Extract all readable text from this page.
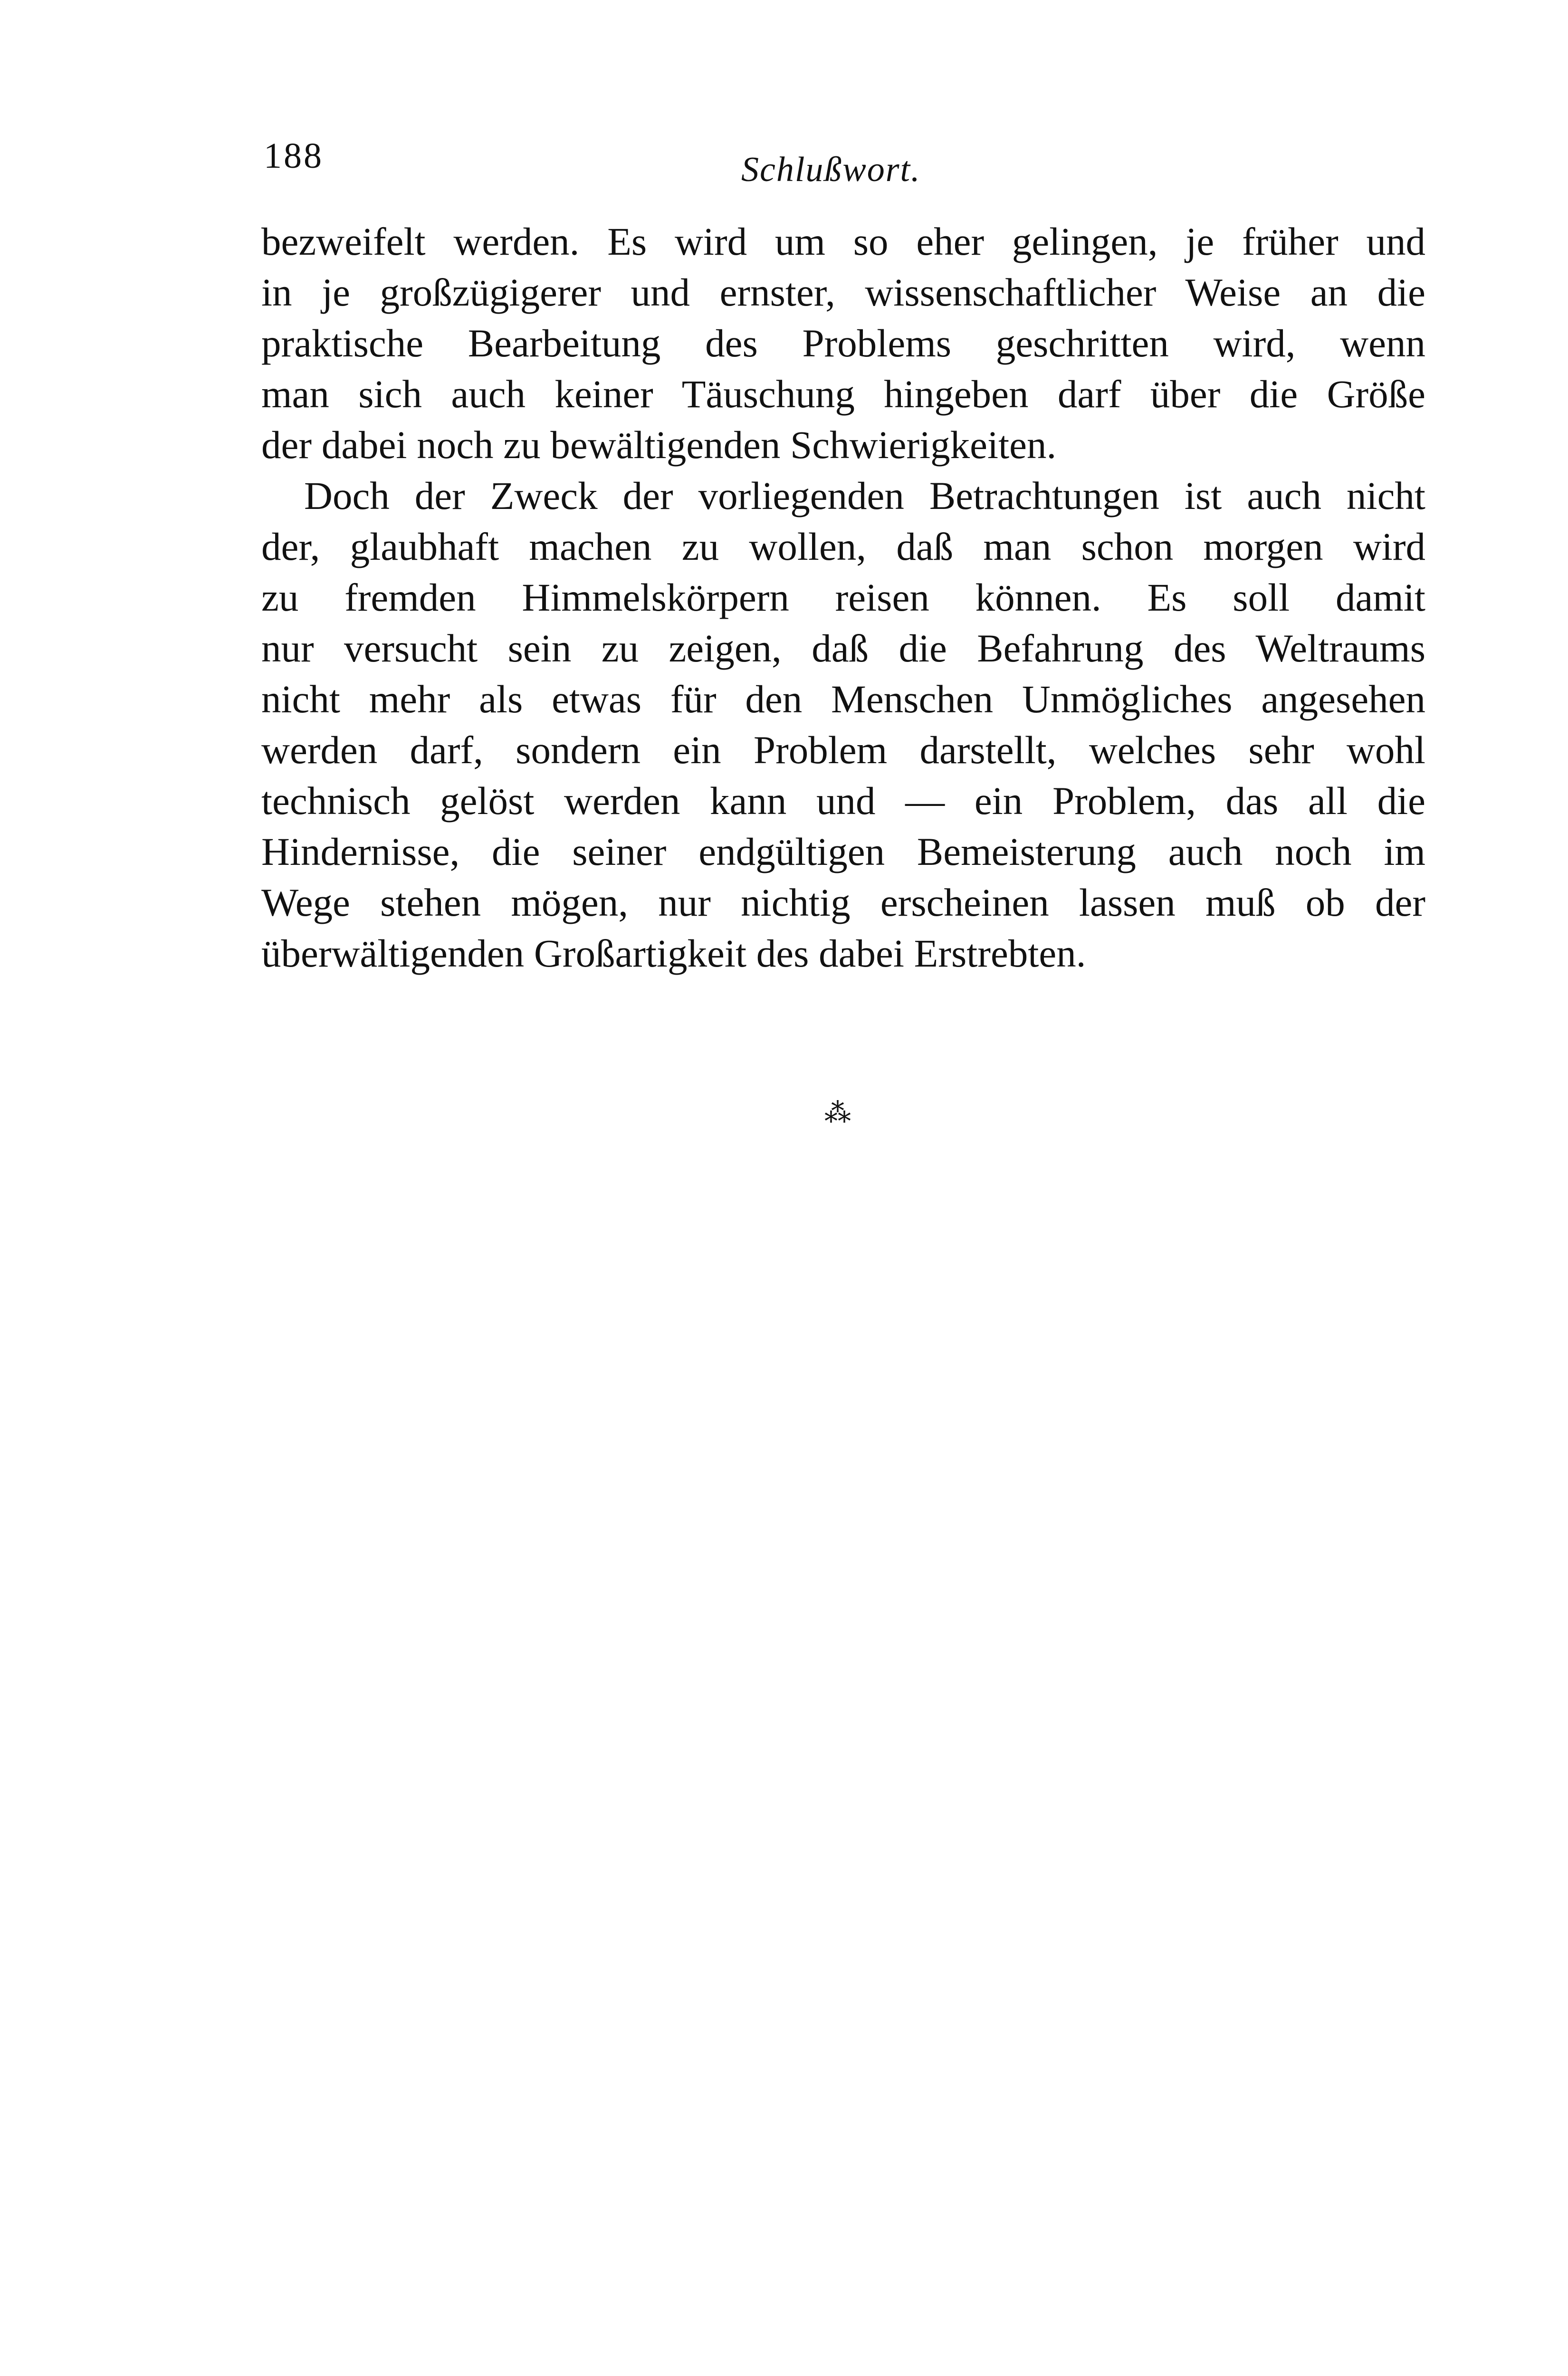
188	Schlußwort.
bezweifelt werden. Es wird um so eher gelingen, je früher und
in je großzügigerer und ernster, wissenschaftlicher Weise an die
praktische Bearbeitung des Problems geschritten wird, wenn
man sich auch keiner Täuschung hingeben darf über die Größe
der dabei noch zu bewältigenden Schwierigkeiten.
Doch der Zweck der vorliegenden Betrachtungen ist auch nicht
der, glaubhaft machen zu wollen, daß man schon morgen wird
zu fremden Himmelskörpern reisen können. Es soll damit
nur versucht sein zu zeigen, daß die Befahrung des Weltraums
nicht mehr als etwas für den Menschen Unmögliches angesehen
werden darf, sondern ein Problem darstellt, welches sehr wohl
technisch gelöst werden kann und — ein Problem, das all die
Hindernisse, die seiner endgültigen Bemeisterung auch noch im
Wege stehen mögen, nur nichtig erscheinen lassen muß ob der
überwältigenden Großartigkeit des dabei Erstrebten.
⁂
